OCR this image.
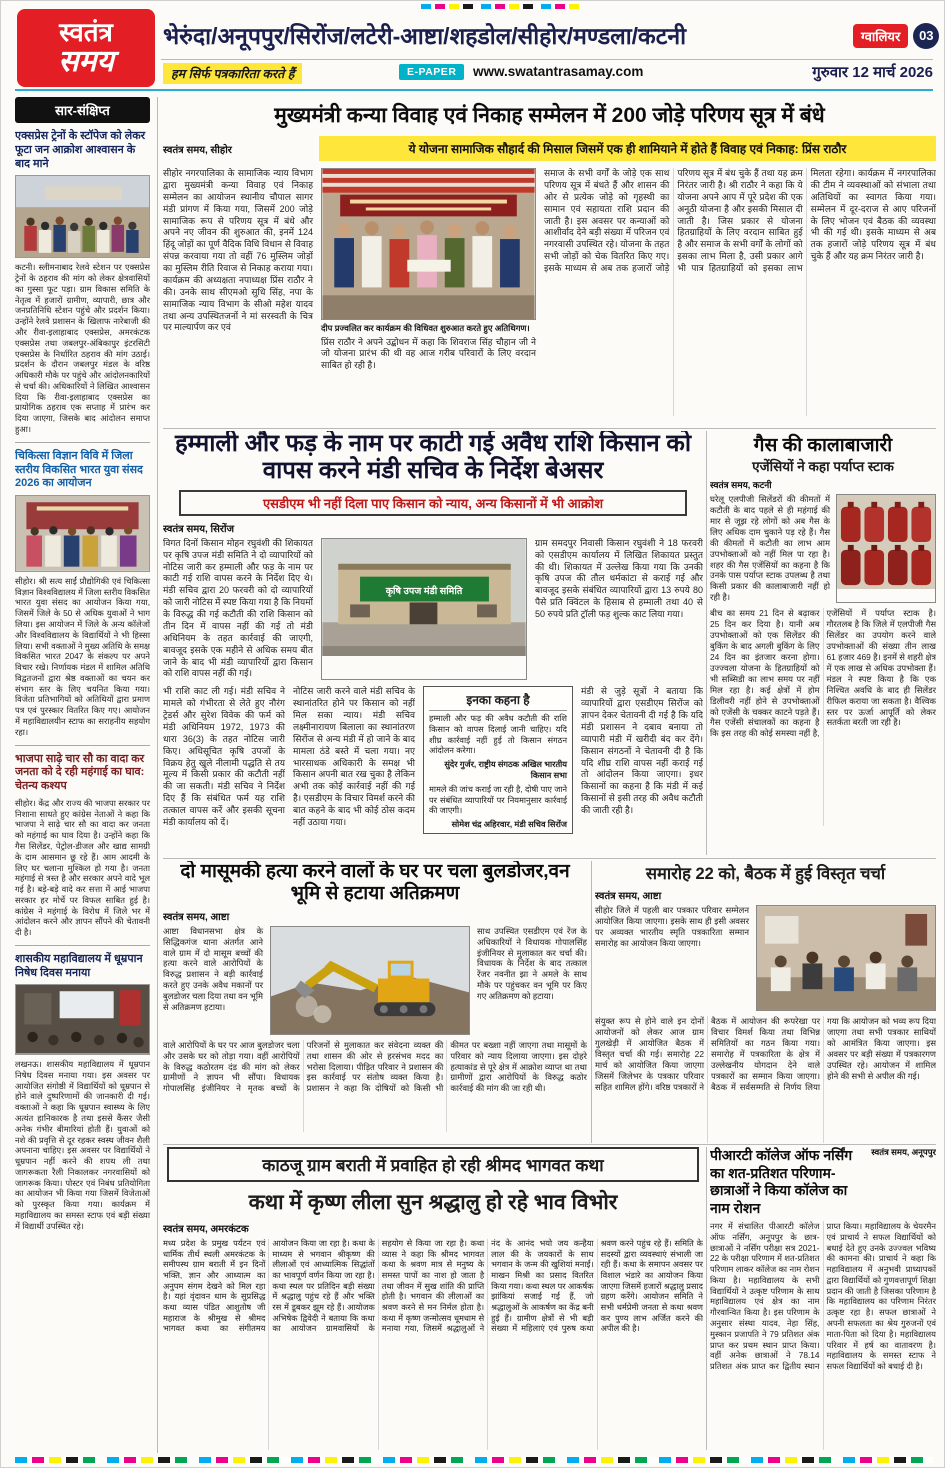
स्वतंत्र
समय
भेरुंदा/अनूपपुर/सिरोंज/लटेरी-आष्टा/शहडोल/सीहोर/मण्डला/कटनी	ग्वालियर	03
हम सिर्फ पत्रकारिता करते हैं	E-PAPER	www.swatantrasamay.com	गुरुवार 12 मार्च 2026
सार-संक्षिप्त
एक्सप्रेस ट्रेनों के स्टॉपेज को लेकर फूटा जन आक्रोश आश्वासन के बाद माने
कटनी। स्लीमनाबाद रेलवे स्टेशन पर एक्सप्रेस ट्रेनों के ठहराव की मांग को लेकर क्षेत्रवासियों का गुस्सा फूट पड़ा। ग्राम विकास समिति के नेतृत्व में हजारों ग्रामीण, व्यापारी, छात्र और जनप्रतिनिधि स्टेशन पहुंचे और प्रदर्शन किया। उन्होंने रेलवे प्रशासन के खिलाफ नारेबाजी की और रीवा-इलाहाबाद एक्सप्रेस, अमरकंटक एक्सप्रेस तथा जबलपुर-अंबिकापुर इंटरसिटी एक्सप्रेस के निर्धारित ठहराव की मांग उठाई। प्रदर्शन के दौरान जबलपुर मंडल के वरिष्ठ अधिकारी मौके पर पहुंचे और आंदोलनकारियों से चर्चा की। अधिकारियों ने लिखित आश्वासन दिया कि रीवा-इलाहाबाद एक्सप्रेस का प्रायोगिक ठहराव एक सप्ताह में प्रारंभ कर दिया जाएगा, जिसके बाद आंदोलन समाप्त हुआ।
चिकित्सा विज्ञान विवि में जिला स्तरीय विकसित भारत युवा संसद 2026 का आयोजन
सीहोर। श्री सत्य साईं प्रौद्योगिकी एवं चिकित्सा विज्ञान विश्वविद्यालय में जिला स्तरीय विकसित भारत युवा संसद का आयोजन किया गया, जिसमें जिले के 50 से अधिक युवाओं ने भाग लिया। इस आयोजन में जिले के अन्य कॉलेजों और विश्वविद्यालय के विद्यार्थियों ने भी हिस्सा लिया। सभी वक्ताओं ने मुख्य अतिथि के समक्ष विकसित भारत 2047 के संकल्प पर अपने विचार रखे। निर्णायक मंडल में शामिल अतिथि विद्वतजनों द्वारा श्रेष्ठ वक्ताओं का चयन कर संभाग स्तर के लिए चयनित किया गया। विजेता प्रतिभागियों को अतिथियों द्वारा प्रमाण पत्र एवं पुरस्कार वितरित किए गए। आयोजन में महाविद्यालयीन स्टाफ का सराहनीय सहयोग रहा।
भाजपा साढ़े चार सौ का वादा कर जनता को दे रही महंगाई का घाव: चेतन्य कश्यप
सीहोर। केंद्र और राज्य की भाजपा सरकार पर निशाना साधते हुए कांग्रेस नेताओं ने कहा कि भाजपा ने साढ़े चार सौ का वादा कर जनता को महंगाई का घाव दिया है। उन्होंने कहा कि गैस सिलेंडर, पेट्रोल-डीजल और खाद्य सामग्री के दाम आसमान छू रहे हैं। आम आदमी के लिए घर चलाना मुश्किल हो गया है। जनता महंगाई से त्रस्त है और सरकार अपने वादे भूल गई है। बड़े-बड़े वादे कर सत्ता में आई भाजपा सरकार हर मोर्चे पर विफल साबित हुई है। कांग्रेस ने महंगाई के विरोध में जिले भर में आंदोलन करने और ज्ञापन सौंपने की चेतावनी दी है।
शासकीय महाविद्यालय में धूम्रपान निषेध दिवस मनाया
लखनऊ। शासकीय महाविद्यालय में धूम्रपान निषेध दिवस मनाया गया। इस अवसर पर आयोजित संगोष्ठी में विद्यार्थियों को धूम्रपान से होने वाले दुष्परिणामों की जानकारी दी गई। वक्ताओं ने कहा कि धूम्रपान स्वास्थ्य के लिए अत्यंत हानिकारक है तथा इससे कैंसर जैसी अनेक गंभीर बीमारियां होती हैं। युवाओं को नशे की प्रवृत्ति से दूर रहकर स्वस्थ जीवन शैली अपनाना चाहिए। इस अवसर पर विद्यार्थियों ने धूम्रपान नहीं करने की शपथ ली तथा जागरूकता रैली निकालकर नगरवासियों को जागरूक किया। पोस्टर एवं निबंध प्रतियोगिता का आयोजन भी किया गया जिसमें विजेताओं को पुरस्कृत किया गया। कार्यक्रम में महाविद्यालय का समस्त स्टाफ एवं बड़ी संख्या में विद्यार्थी उपस्थित रहे।
मुख्यमंत्री कन्या विवाह एवं निकाह सम्मेलन में 200 जोड़े परिणय सूत्र में बंधे
स्वतंत्र समय, सीहोर	ये योजना सामाजिक सौहार्द की मिसाल जिसमें एक ही शामियाने में होते हैं विवाह एवं निकाह: प्रिंस राठौर
सीहोर नगरपालिका के सामाजिक न्याय विभाग द्वारा मुख्यमंत्री कन्या विवाह एवं निकाह सम्मेलन का आयोजन स्थानीय चौपाल सागर मंडी प्रांगण में किया गया, जिसमें 200 जोड़े सामाजिक रूप से परिणय सूत्र में बंधे और अपने नए जीवन की शुरुआत की, इनमें 124 हिंदू जोड़ों का पूर्ण वैदिक विधि विधान से विवाह संपन्न करवाया गया तो वहीं 76 मुस्लिम जोड़ों का मुस्लिम रीति रिवाज से निकाह कराया गया। कार्यक्रम की अध्यक्षता नपाध्यक्ष प्रिंस राठौर ने की। उनके साथ सीएमओ सुधि सिंह, नपा के सामाजिक न्याय विभाग के सीओ महेश यादव तथा अन्य उपस्थितजनों ने मां सरस्वती के चित्र पर माल्यार्पण कर एवं	दीप प्रज्वलित कर कार्यक्रम की विधिवत शुरुआत करते हुए अतिथिगण।
प्रिंस राठौर ने अपने उद्बोधन में कहा कि शिवराज सिंह चौहान जी ने जो योजना प्रारंभ की थी वह आज गरीब परिवारों के लिए वरदान साबित हो रही है।
समाज के सभी वर्गों के जोड़े एक साथ परिणय सूत्र में बंधते हैं और शासन की ओर से प्रत्येक जोड़े को गृहस्थी का सामान एवं सहायता राशि प्रदान की जाती है। इस अवसर पर कन्याओं को आशीर्वाद देने बड़ी संख्या में परिजन एवं नगरवासी उपस्थित रहे। योजना के तहत सभी जोड़ों को चेक वितरित किए गए। इसके माध्यम से अब तक हजारों जोड़े परिणय सूत्र में बंध चुके हैं तथा यह क्रम निरंतर जारी है। श्री राठौर ने कहा कि ये योजना अपने आप में पूरे प्रदेश की एक अनूठी योजना है और इसकी मिसाल दी जाती है। जिस प्रकार से योजना हितग्राहियों के लिए वरदान साबित हुई है और समाज के सभी वर्गों के लोगों को इसका लाभ मिला है, उसी प्रकार आगे भी पात्र हितग्राहियों को इसका लाभ मिलता रहेगा। कार्यक्रम में नगरपालिका की टीम ने व्यवस्थाओं को संभाला तथा अतिथियों का स्वागत किया गया। सम्मेलन में दूर-दराज से आए परिजनों के लिए भोजन एवं बैठक की व्यवस्था भी की गई थी। इसके माध्यम से अब तक हजारों जोड़े परिणय सूत्र में बंध चुके हैं और यह क्रम निरंतर जारी है।
हम्माली और फड़ के नाम पर काटी गई अवैध राशि किसान को वापस करने मंडी सचिव के निर्देश बेअसर
एसडीएम भी नहीं दिला पाए किसान को न्याय, अन्य किसानों में भी आक्रोश
स्वतंत्र समय, सिरोंज
विगत दिनों किसान मोहन रघुवंशी की शिकायत पर कृषि उपज मंडी समिति ने दो व्यापारियों को नोटिस जारी कर हम्माली और फड़ के नाम पर काटी गई राशि वापस करने के निर्देश दिए थे। मंडी सचिव द्वारा 20 फरवरी को दो व्यापारियों को जारी नोटिस में स्पष्ट किया गया है कि नियमों के विरुद्ध की गई कटौती की राशि किसान को तीन दिन में वापस नहीं की गई तो मंडी अधिनियम के तहत कार्रवाई की जाएगी, बावजूद इसके एक महीने से अधिक समय बीत जाने के बाद भी मंडी व्यापारियों द्वारा किसान को राशि वापस नहीं की गई।
कृषि उपज मंडी समिति
ग्राम समदपुर निवासी किसान रघुवंशी ने 18 फरवरी को एसडीएम कार्यालय में लिखित शिकायत प्रस्तुत की थी। शिकायत में उल्लेख किया गया कि उनकी कृषि उपज की तौल धर्मकांटा से कराई गई और बावजूद इसके संबंधित व्यापारियों द्वारा 13 रुपये 80 पैसे प्रति क्विंटल के हिसाब से हम्माली तथा 40 से 50 रुपये प्रति ट्रॉली फड़ शुल्क काट लिया गया।
भी राशि काट ली गई। मंडी सचिव ने मामले को गंभीरता से लेते हुए नौरंग ट्रेडर्स और सुरेश विवेक की फर्म को मंडी अधिनियम 1972, 1973 की धारा 36(3) के तहत नोटिस जारी किए। अधिसूचित कृषि उपजों के विक्रय हेतु खुले नीलामी पद्धति से तय मूल्य में किसी प्रकार की कटौती नहीं की जा सकती। मंडी सचिव ने निर्देश दिए हैं कि संबंधित फर्म यह राशि तत्काल वापस करें और इसकी सूचना मंडी कार्यालय को दें।
नोटिस जारी करने वाले मंडी सचिव के स्थानांतरित होने पर किसान को नहीं मिल सका न्याय। मंडी सचिव लक्ष्मीनारायण बिलाला का स्थानांतरण सिरोंज से अन्य मंडी में हो जाने के बाद मामला ठंडे बस्ते में चला गया। नए भारसाधक अधिकारी के समक्ष भी किसान अपनी बात रख चुका है लेकिन अभी तक कोई कार्रवाई नहीं की गई है। एसडीएम के विचार विमर्श करने की बात कहने के बाद भी कोई ठोस कदम नहीं उठाया गया।
इनका कहना है
हम्माली और फड़ की अवैध कटौती की राशि किसान को वापस दिलाई जानी चाहिए। यदि शीघ्र कार्रवाई नहीं हुई तो किसान संगठन आंदोलन करेगा।
सुंदेर गुर्जर, राष्ट्रीय संगठक अखिल भारतीय किसान सभा
मामले की जांच कराई जा रही है, दोषी पाए जाने पर संबंधित व्यापारियों पर नियमानुसार कार्रवाई की जाएगी।
सोमेश चंद्र अहिरवार, मंडी सचिव सिरोंज
मंडी से जुड़े सूत्रों ने बताया कि व्यापारियों द्वारा एसडीएम सिरोंज को ज्ञापन देकर चेतावनी दी गई है कि यदि मंडी प्रशासन ने दबाव बनाया तो व्यापारी मंडी में खरीदी बंद कर देंगे। किसान संगठनों ने चेतावनी दी है कि यदि शीघ्र राशि वापस नहीं कराई गई तो आंदोलन किया जाएगा। इधर किसानों का कहना है कि मंडी में कई किसानों से इसी तरह की अवैध कटौती की जाती रही है।
गैस की कालाबाजारी
एजेंसियों ने कहा पर्याप्त स्टाक
स्वतंत्र समय, कटनी
घरेलू एलपीजी सिलेंडरों की कीमतों में कटौती के बाद पहले से ही महंगाई की मार से जूझ रहे लोगों को अब गैस के लिए अधिक दाम चुकाने पड़ रहे हैं। गैस की कीमतों में कटौती का लाभ आम उपभोक्ताओं को नहीं मिल पा रहा है। शहर की गैस एजेंसियों का कहना है कि उनके पास पर्याप्त स्टाक उपलब्ध है तथा किसी प्रकार की कालाबाजारी नहीं हो रही है।
बीच का समय 21 दिन से बढ़ाकर 25 दिन कर दिया है। यानी अब उपभोक्ताओं को एक सिलेंडर की बुकिंग के बाद अगली बुकिंग के लिए 24 दिन का इंतजार करना होगा। उज्ज्वला योजना के हितग्राहियों को भी सब्सिडी का लाभ समय पर नहीं मिल रहा है। कई क्षेत्रों में होम डिलीवरी नहीं होने से उपभोक्ताओं को एजेंसी के चक्कर काटने पड़ते हैं। गैस एजेंसी संचालकों का कहना है कि इस तरह की कोई समस्या नहीं है, एजेंसियों में पर्याप्त स्टाक है। गौरतलब है कि जिले में एलपीजी गैस सिलेंडर का उपयोग करने वाले उपभोक्ताओं की संख्या तीन लाख 61 हजार 469 है। इनमें से शहरी क्षेत्र में एक लाख से अधिक उपभोक्ता हैं। मंडल ने स्पष्ट किया है कि एक निश्चित अवधि के बाद ही सिलेंडर रीफिल कराया जा सकता है। वैश्विक स्तर पर ऊर्जा आपूर्ति को लेकर सतर्कता बरती जा रही है।
दो मासूमकी हत्या करने वालों के घर पर चला बुलडोजर,वन भूमि से हटाया अतिक्रमण
स्वतंत्र समय, आष्टा
आष्टा विधानसभा क्षेत्र के सिद्धिकगंज थाना अंतर्गत आने वाले ग्राम में दो मासूम बच्चों की हत्या करने वाले आरोपियों के विरुद्ध प्रशासन ने बड़ी कार्रवाई करते हुए उनके अवैध मकानों पर बुलडोजर चला दिया तथा वन भूमि से अतिक्रमण हटाया।
साथ उपस्थित एसडीएम एवं रेंज के अधिकारियों ने विधायक गोपालसिंह इंजीनियर से मुलाकात कर चर्चा की। विधायक के निर्देश के बाद तत्काल रेंजर नवनीत झा ने अमले के साथ मौके पर पहुंचकर वन भूमि पर किए गए अतिक्रमण को हटाया।
वाले आरोपियों के घर पर आज बुलडोजर चला और उसके घर को तोड़ा गया। वहीं आरोपियों के विरुद्ध कठोरतम दंड की मांग को लेकर ग्रामीणों ने ज्ञापन भी सौंपा। विधायक गोपालसिंह इंजीनियर ने मृतक बच्चों के परिजनों से मुलाकात कर संवेदना व्यक्त की तथा शासन की ओर से हरसंभव मदद का भरोसा दिलाया। पीड़ित परिवार ने प्रशासन की इस कार्रवाई पर संतोष व्यक्त किया है। प्रशासन ने कहा कि दोषियों को किसी भी कीमत पर बख्शा नहीं जाएगा तथा मासूमों के परिवार को न्याय दिलाया जाएगा। इस दोहरे हत्याकांड से पूरे क्षेत्र में आक्रोश व्याप्त था तथा ग्रामीणों द्वारा आरोपियों के विरुद्ध कठोर कार्रवाई की मांग की जा रही थी।
समारोह 22 को, बैठक में हुई विस्तृत चर्चा
स्वतंत्र समय, आष्टा
सीहोर जिले में पहली बार पत्रकार परिवार सम्मेलन आयोजित किया जाएगा। इसके साथ ही इसी अवसर पर अव्यक्त भारतीय स्मृति पत्रकारिता सम्मान समारोह का आयोजन किया जाएगा।
संयुक्त रूप से होने वाले इन दोनों आयोजनों को लेकर आज ग्राम गुलखेड़ी में आयोजित बैठक में विस्तृत चर्चा की गई। समारोह 22 मार्च को आयोजित किया जाएगा जिसमें जिलेभर के पत्रकार परिवार सहित शामिल होंगे। वरिष्ठ पत्रकारों ने बैठक में आयोजन की रूपरेखा पर विचार विमर्श किया तथा विभिन्न समितियों का गठन किया गया। समारोह में पत्रकारिता के क्षेत्र में उल्लेखनीय योगदान देने वाले पत्रकारों का सम्मान किया जाएगा। बैठक में सर्वसम्मति से निर्णय लिया गया कि आयोजन को भव्य रूप दिया जाएगा तथा सभी पत्रकार साथियों को आमंत्रित किया जाएगा। इस अवसर पर बड़ी संख्या में पत्रकारगण उपस्थित रहे। आयोजन में शामिल होने की सभी से अपील की गई।
काठजू ग्राम बराती में प्रवाहित हो रही श्रीमद भागवत कथा
कथा में कृष्ण लीला सुन श्रद्धालु हो रहे भाव विभोर
स्वतंत्र समय, अमरकंटक
मध्य प्रदेश के प्रमुख पर्यटन एवं धार्मिक तीर्थ स्थली अमरकंटक के समीपस्थ ग्राम बराती में इन दिनों भक्ति, ज्ञान और आध्यात्म का अनुपम संगम देखने को मिल रहा है। यहां वृंदावन धाम के सुप्रसिद्ध कथा व्यास पंडित आशुतोष जी महाराज के श्रीमुख से श्रीमद भागवत कथा का संगीतमय आयोजन किया जा रहा है। कथा के माध्यम से भगवान श्रीकृष्ण की लीलाओं एवं आध्यात्मिक सिद्धांतों का भावपूर्ण वर्णन किया जा रहा है। कथा स्थल पर प्रतिदिन बड़ी संख्या में श्रद्धालु पहुंच रहे हैं और भक्ति रस में डूबकर झूम रहे हैं। आयोजक अभिषेक द्विवेदी ने बताया कि कथा का आयोजन ग्रामवासियों के सहयोग से किया जा रहा है। कथा व्यास ने कहा कि श्रीमद भागवत कथा के श्रवण मात्र से मनुष्य के समस्त पापों का नाश हो जाता है तथा जीवन में सुख शांति की प्राप्ति होती है। भगवान की लीलाओं का श्रवण करने से मन निर्मल होता है। कथा में कृष्ण जन्मोत्सव धूमधाम से मनाया गया, जिसमें श्रद्धालुओं ने नंद के आनंद भयो जय कन्हैया लाल की के जयकारों के साथ भगवान के जन्म की खुशियां मनाईं। माखन मिश्री का प्रसाद वितरित किया गया। कथा स्थल पर आकर्षक झांकियां सजाई गई हैं, जो श्रद्धालुओं के आकर्षण का केंद्र बनी हुई हैं। ग्रामीण क्षेत्रों से भी बड़ी संख्या में महिलाएं एवं पुरुष कथा श्रवण करने पहुंच रहे हैं। समिति के सदस्यों द्वारा व्यवस्थाएं संभाली जा रही हैं। कथा के समापन अवसर पर विशाल भंडारे का आयोजन किया जाएगा जिसमें हजारों श्रद्धालु प्रसाद ग्रहण करेंगे। आयोजन समिति ने सभी धर्मप्रेमी जनता से कथा श्रवण कर पुण्य लाभ अर्जित करने की अपील की है।
पीआरटी कॉलेज ऑफ नर्सिंग का शत-प्रतिशत परिणाम-छात्राओं ने किया कॉलेज का नाम रोशन
स्वतंत्र समय, अनूपपुर
नगर में संचालित पीआरटी कॉलेज ऑफ नर्सिंग, अनूपपुर के छात्र-छात्राओं ने नर्सिंग परीक्षा सत्र 2021-22 के परीक्षा परिणाम में शत-प्रतिशत परिणाम लाकर कॉलेज का नाम रोशन किया है। महाविद्यालय के सभी विद्यार्थियों ने उत्कृष्ट परिणाम के साथ महाविद्यालय एवं क्षेत्र का नाम गौरवान्वित किया है। इस परिणाम के अनुसार संस्था यादव, नेहा सिंह, मुस्कान प्रजापति ने 79 प्रतिशत अंक प्राप्त कर प्रथम स्थान प्राप्त किया। वहीं अनेक छात्राओं ने 78.14 प्रतिशत अंक प्राप्त कर द्वितीय स्थान प्राप्त किया। महाविद्यालय के चेयरमैन एवं प्राचार्य ने सफल विद्यार्थियों को बधाई देते हुए उनके उज्ज्वल भविष्य की कामना की। प्राचार्य ने कहा कि महाविद्यालय में अनुभवी प्राध्यापकों द्वारा विद्यार्थियों को गुणवत्तापूर्ण शिक्षा प्रदान की जाती है जिसका परिणाम है कि महाविद्यालय का परिणाम निरंतर उत्कृष्ट रहा है। सफल छात्राओं ने अपनी सफलता का श्रेय गुरुजनों एवं माता-पिता को दिया है। महाविद्यालय परिवार में हर्ष का वातावरण है। महाविद्यालय के समस्त स्टाफ ने सफल विद्यार्थियों को बधाई दी है।
